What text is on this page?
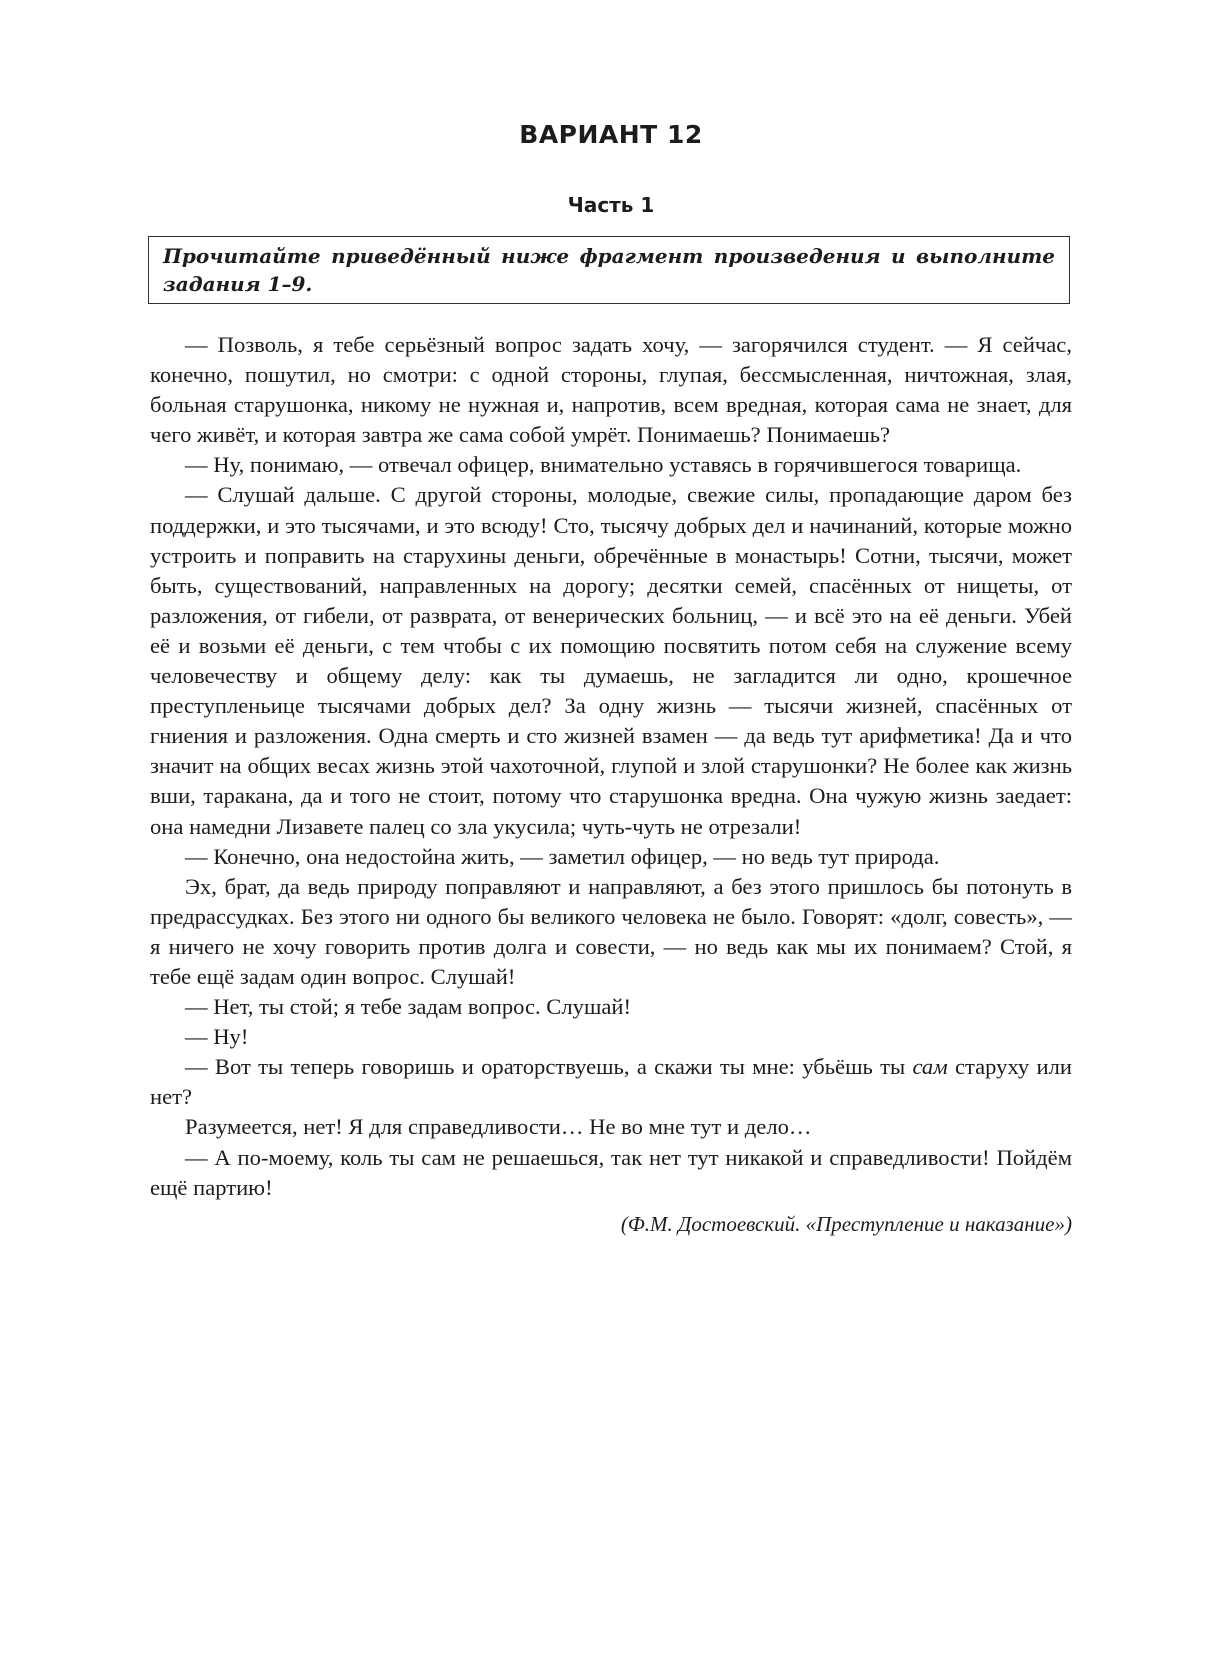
ВАРИАНТ 12
Часть 1
Прочитайте приведённый ниже фрагмент произведения и выполните задания 1–9.

— Позволь, я тебе серьёзный вопрос задать хочу, — загорячился студент. — Я сейчас, конечно, пошутил, но смотри: с одной стороны, глупая, бессмысленная, ничтожная, злая, больная старушонка, никому не нужная и, напротив, всем вредная, которая сама не знает, для чего живёт, и которая завтра же сама собой умрёт. Понимаешь? Понимаешь?

— Ну, понимаю, — отвечал офицер, внимательно уставясь в горячившегося товарища.

— Слушай дальше. С другой стороны, молодые, свежие силы, пропадающие даром без поддержки, и это тысячами, и это всюду! Сто, тысячу добрых дел и начинаний, которые можно устроить и поправить на старухины деньги, обречённые в монастырь! Сотни, тысячи, может быть, существований, направленных на дорогу; десятки семей, спасённых от нищеты, от разложения, от гибели, от разврата, от венерических больниц, — и всё это на её деньги. Убей её и возьми её деньги, с тем чтобы с их помощию посвятить потом себя на служение всему человечеству и общему делу: как ты думаешь, не загладится ли одно, крошечное преступленьице тысячами добрых дел? За одну жизнь — тысячи жизней, спасённых от гниения и разложения. Одна смерть и сто жизней взамен — да ведь тут арифметика! Да и что значит на общих весах жизнь этой чахоточной, глупой и злой старушонки? Не более как жизнь вши, таракана, да и того не стоит, потому что старушонка вредна. Она чужую жизнь заедает: она намедни Лизавете палец со зла укусила; чуть-чуть не отрезали!

— Конечно, она недостойна жить, — заметил офицер, — но ведь тут природа.

Эх, брат, да ведь природу поправляют и направляют, а без этого пришлось бы потонуть в предрассудках. Без этого ни одного бы великого человека не было. Говорят: «долг, совесть», — я ничего не хочу говорить против долга и совести, — но ведь как мы их понимаем? Стой, я тебе ещё задам один вопрос. Слушай!

— Нет, ты стой; я тебе задам вопрос. Слушай!

— Ну!

— Вот ты теперь говоришь и ораторствуешь, а скажи ты мне: убьёшь ты сам старуху или нет?

Разумеется, нет! Я для справедливости… Не во мне тут и дело…

— А по-моему, коль ты сам не решаешься, так нет тут никакой и справедливости! Пойдём ещё партию!

(Ф.М. Достоевский. «Преступление и наказание»)
